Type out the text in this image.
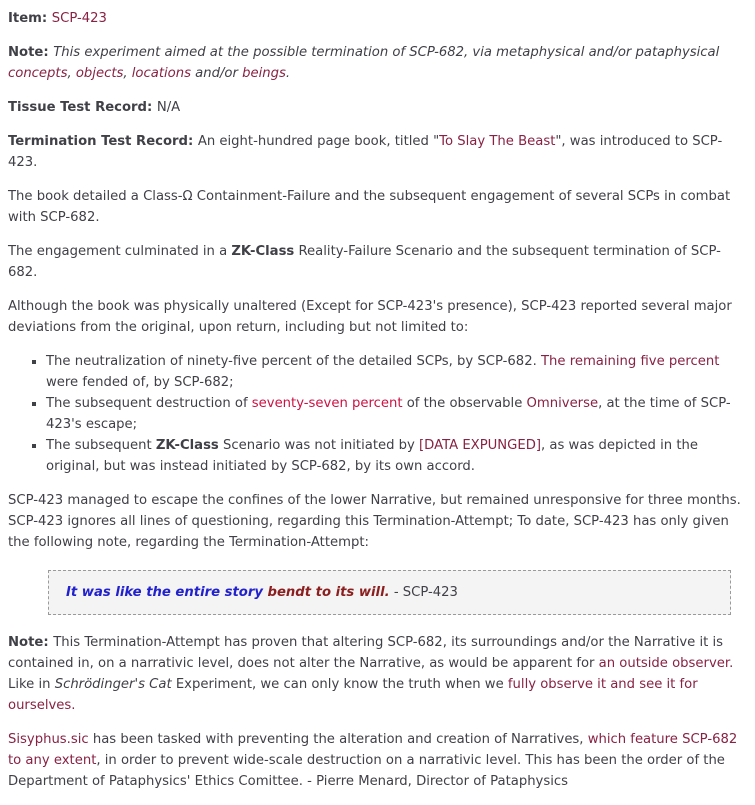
Item: SCP-423

Note: This experiment aimed at the possible termination of SCP-682, via metaphysical and/or pataphysical concepts, objects, locations and/or beings.

Tissue Test Record: N/A

Termination Test Record: An eight-hundred page book, titled "To Slay The Beast", was introduced to SCP-423.

The book detailed a Class-Ω Containment-Failure and the subsequent engagement of several SCPs in combat with SCP-682.

The engagement culminated in a ZK-Class Reality-Failure Scenario and the subsequent termination of SCP-682.

Although the book was physically unaltered (Except for SCP-423's presence), SCP-423 reported several major deviations from the original, upon return, including but not limited to:

▪ The neutralization of ninety-five percent of the detailed SCPs, by SCP-682. The remaining five percent were fended of, by SCP-682;
▪ The subsequent destruction of seventy-seven percent of the observable Omniverse, at the time of SCP-423's escape;
▪ The subsequent ZK-Class Scenario was not initiated by [DATA EXPUNGED], as was depicted in the original, but was instead initiated by SCP-682, by its own accord.

SCP-423 managed to escape the confines of the lower Narrative, but remained unresponsive for three months. SCP-423 ignores all lines of questioning, regarding this Termination-Attempt; To date, SCP-423 has only given the following note, regarding the Termination-Attempt:

It was like the entire story bendt to its will. - SCP-423

Note: This Termination-Attempt has proven that altering SCP-682, its surroundings and/or the Narrative it is contained in, on a narrativic level, does not alter the Narrative, as would be apparent for an outside observer. Like in Schrödinger's Cat Experiment, we can only know the truth when we fully observe it and see it for ourselves.

Sisyphus.sic has been tasked with preventing the alteration and creation of Narratives, which feature SCP-682 to any extent, in order to prevent wide-scale destruction on a narrativic level. This has been the order of the Department of Pataphysics' Ethics Comittee. - Pierre Menard, Director of Pataphysics
